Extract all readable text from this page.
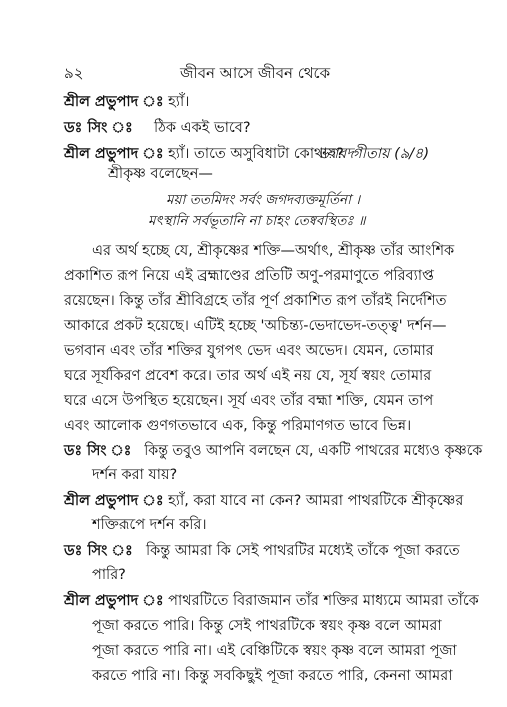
৯২	জীবন আসে জীবন থেকে
শ্রীল প্রভুপাদ ঃ হ্যাঁ।
ডঃ সিং ঃ ঠিক একই ভাবে?
শ্রীল প্রভুপাদ ঃ হ্যাঁ। তাতে অসুবিধাটা কোথায়?
ভগবদ্গীতায় (৯/৪)
শ্রীকৃষ্ণ বলেছেন—
ময়া ততমিদং সর্বং জগদব্যক্তমূর্তিনা ।
মৎস্থানি সর্বভূতানি না চাহং তেষ্ববস্থিতঃ ॥
এর অর্থ হচ্ছে যে, শ্রীকৃষ্ণের শক্তি—অর্থাৎ, শ্রীকৃষ্ণ তাঁর আংশিক
প্রকাশিত রূপ নিয়ে এই ব্রহ্মাণ্ডের প্রতিটি অণু-পরমাণুতে পরিব্যাপ্ত
রয়েছেন। কিন্তু তাঁর শ্রীবিগ্রহে তাঁর পূর্ণ প্রকাশিত রূপ তাঁরই নির্দেশিত
আকারে প্রকট হয়েছে। এটিই হচ্ছে 'অচিন্ত্য-ভেদাভেদ-তত্ত্ব' দর্শন—
ভগবান এবং তাঁর শক্তির যুগপৎ ভেদ এবং অভেদ। যেমন, তোমার
ঘরে সূর্যকিরণ প্রবেশ করে। তার অর্থ এই নয় যে, সূর্য স্বয়ং তোমার
ঘরে এসে উপস্থিত হয়েছেন। সূর্য এবং তাঁর বহ্মা শক্তি, যেমন তাপ
এবং আলোক গুণগতভাবে এক, কিন্তু পরিমাণগত ভাবে ভিন্ন।
ডঃ সিং ঃ কিন্তু তবুও আপনি বলছেন যে, একটি পাথরের মধ্যেও কৃষ্ণকে
দর্শন করা যায়?
শ্রীল প্রভুপাদ ঃ হ্যাঁ, করা যাবে না কেন? আমরা পাথরটিকে শ্রীকৃষ্ণের
শক্তিরূপে দর্শন করি।
ডঃ সিং ঃ কিন্তু আমরা কি সেই পাথরটির মধ্যেই তাঁকে পূজা করতে
পারি?
শ্রীল প্রভুপাদ ঃ পাথরটিতে বিরাজমান তাঁর শক্তির মাধ্যমে আমরা তাঁকে
পূজা করতে পারি। কিন্তু সেই পাথরটিকে স্বয়ং কৃষ্ণ বলে আমরা
পূজা করতে পারি না। এই বেঞ্চিটিকে স্বয়ং কৃষ্ণ বলে আমরা পূজা
করতে পারি না। কিন্তু সবকিছুই পূজা করতে পারি, কেননা আমরা
